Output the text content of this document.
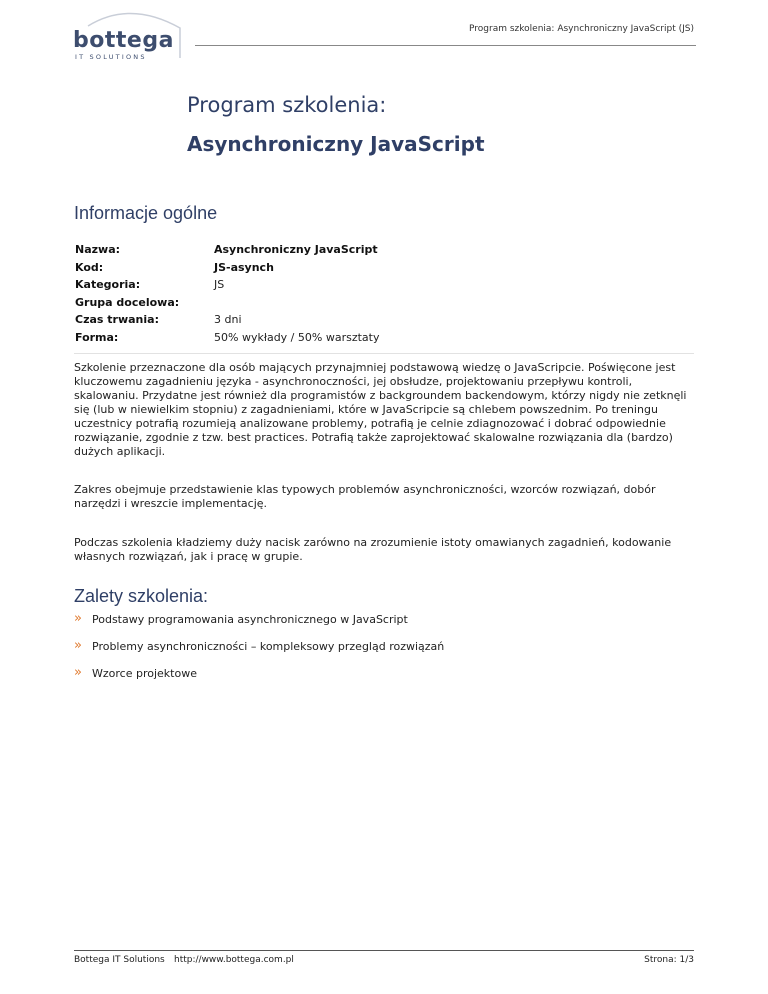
bottega
IT SOLUTIONS
Program szkolenia: Asynchroniczny JavaScript (JS)
Program szkolenia:
Asynchroniczny JavaScript
Informacje ogólne
Nazwa:	Asynchroniczny JavaScript
Kod:	JS-asynch
Kategoria:	JS
Grupa docelowa:
Czas trwania:	3 dni
Forma:	50% wykłady / 50% warsztaty

Szkolenie przeznaczone dla osób mających przynajmniej podstawową wiedzę o JavaScripcie. Poświęcone jest kluczowemu zagadnieniu języka - asynchronoczności, jej obsłudze, projektowaniu przepływu kontroli, skalowaniu. Przydatne jest również dla programistów z backgroundem backendowym, którzy nigdy nie zetknęli się (lub w niewielkim stopniu) z zagadnieniami, które w JavaScripcie są chlebem powszednim. Po treningu uczestnicy potrafią rozumieją analizowane problemy, potrafią je celnie zdiagnozować i dobrać odpowiednie rozwiązanie, zgodnie z tzw. best practices. Potrafią także zaprojektować skalowalne rozwiązania dla (bardzo) dużych aplikacji.

Zakres obejmuje przedstawienie klas typowych problemów asynchroniczności, wzorców rozwiązań, dobór narzędzi i wreszcie implementację.

Podczas szkolenia kładziemy duży nacisk zarówno na zrozumienie istoty omawianych zagadnień, kodowanie własnych rozwiązań, jak i pracę w grupie.

Zalety szkolenia:
» Podstawy programowania asynchronicznego w JavaScript
» Problemy asynchroniczności – kompleksowy przegląd rozwiązań
» Wzorce projektowe
Bottega IT Solutions http://www.bottega.com.pl	Strona: 1/3
